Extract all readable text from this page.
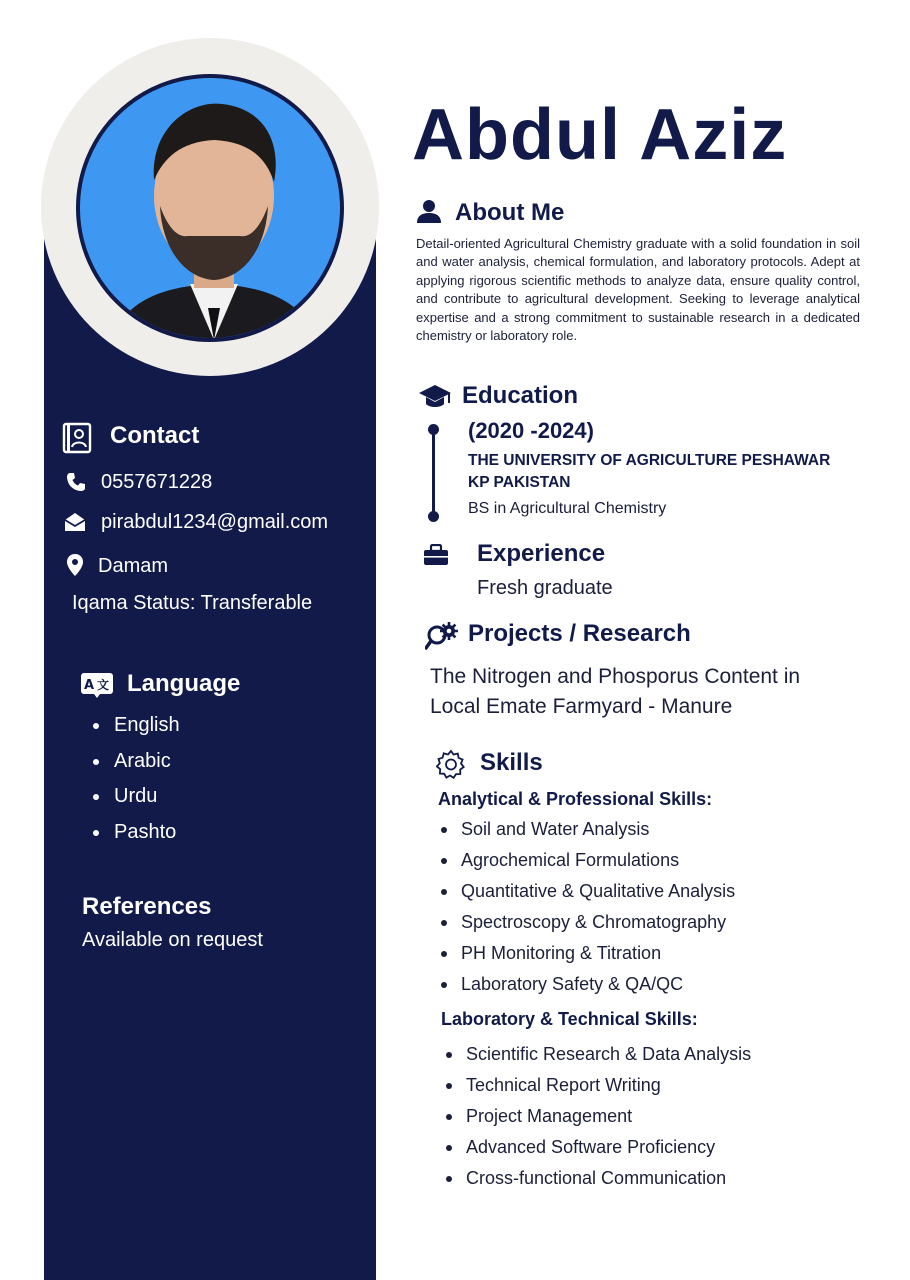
Contact
0557671228
pirabdul1234@gmail.com
Damam
Iqama Status: Transferable
A 文 Language
English
Arabic
Urdu
Pashto
References
Available on request
Abdul Aziz
About Me
Detail-oriented Agricultural Chemistry graduate with a solid foundation in soil and water analysis, chemical formulation, and laboratory protocols. Adept at applying rigorous scientific methods to analyze data, ensure quality control, and contribute to agricultural development. Seeking to leverage analytical expertise and a strong commitment to sustainable research in a dedicated chemistry or laboratory role.
Education
(2020 -2024)
THE UNIVERSITY OF AGRICULTURE PESHAWAR
KP PAKISTAN
BS in Agricultural Chemistry
Experience
Fresh graduate
Projects / Research
The Nitrogen and Phosporus Content in
Local Emate Farmyard - Manure
Skills
Analytical & Professional Skills:
Soil and Water Analysis
Agrochemical Formulations
Quantitative & Qualitative Analysis
Spectroscopy & Chromatography
PH Monitoring & Titration
Laboratory Safety & QA/QC
Laboratory & Technical Skills:
Scientific Research & Data Analysis
Technical Report Writing
Project Management
Advanced Software Proficiency
Cross-functional Communication
